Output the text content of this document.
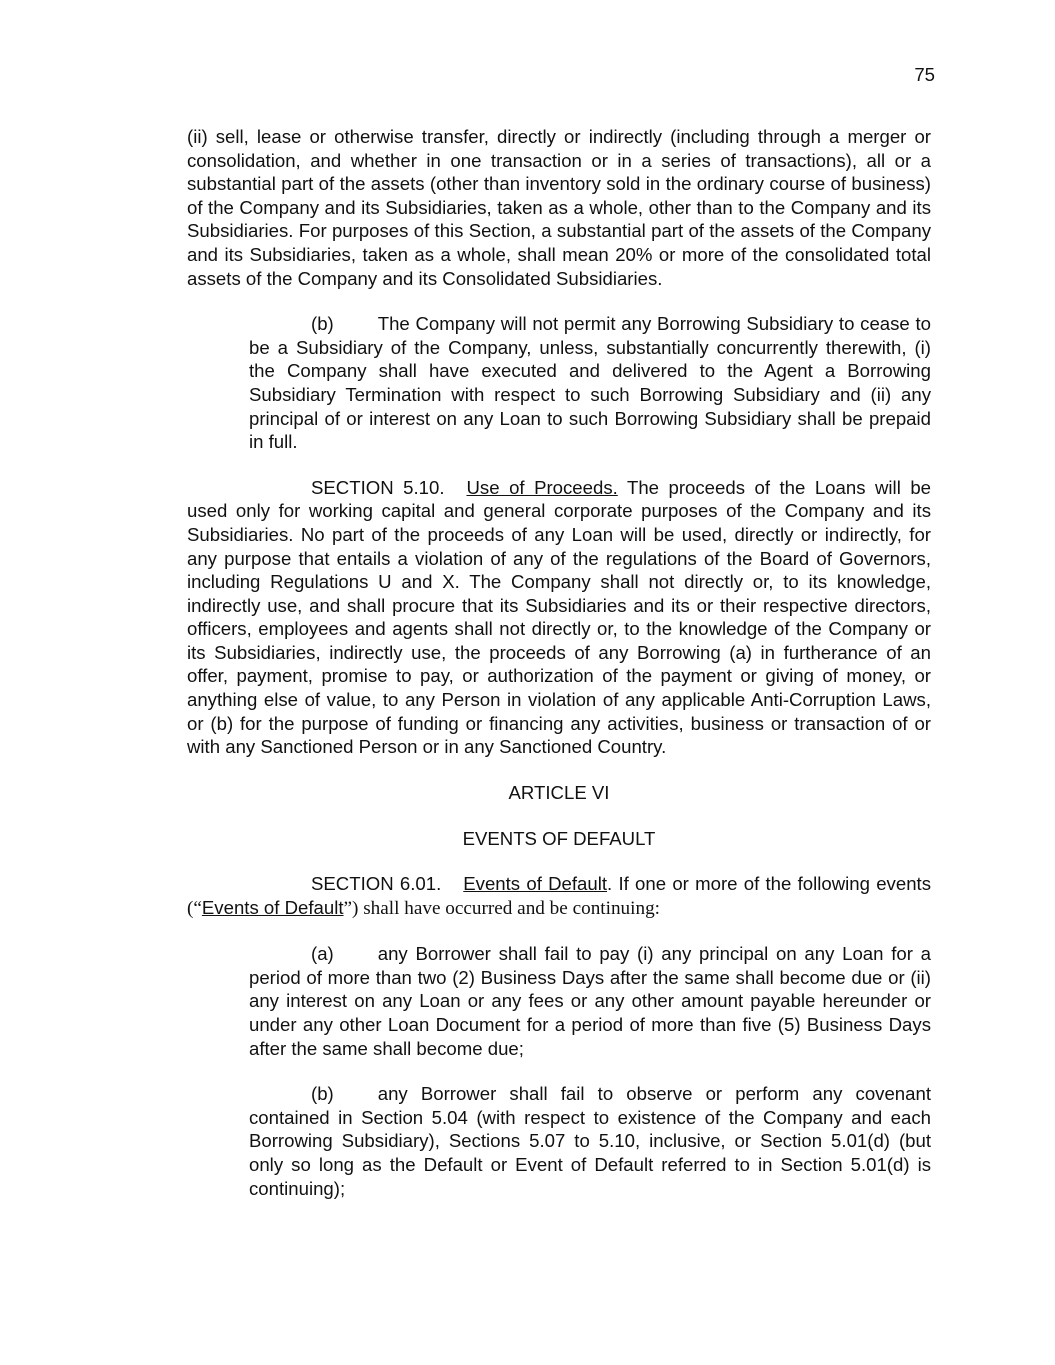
75

(ii) sell, lease or otherwise transfer, directly or indirectly (including through a merger or consolidation, and whether in one transaction or in a series of transactions), all or a substantial part of the assets (other than inventory sold in the ordinary course of business) of the Company and its Subsidiaries, taken as a whole, other than to the Company and its Subsidiaries. For purposes of this Section, a substantial part of the assets of the Company and its Subsidiaries, taken as a whole, shall mean 20% or more of the consolidated total assets of the Company and its Consolidated Subsidiaries.

(b) The Company will not permit any Borrowing Subsidiary to cease to be a Subsidiary of the Company, unless, substantially concurrently therewith, (i) the Company shall have executed and delivered to the Agent a Borrowing Subsidiary Termination with respect to such Borrowing Subsidiary and (ii) any principal of or interest on any Loan to such Borrowing Subsidiary shall be prepaid in full.

SECTION 5.10. Use of Proceeds. The proceeds of the Loans will be used only for working capital and general corporate purposes of the Company and its Subsidiaries. No part of the proceeds of any Loan will be used, directly or indirectly, for any purpose that entails a violation of any of the regulations of the Board of Governors, including Regulations U and X. The Company shall not directly or, to its knowledge, indirectly use, and shall procure that its Subsidiaries and its or their respective directors, officers, employees and agents shall not directly or, to the knowledge of the Company or its Subsidiaries, indirectly use, the proceeds of any Borrowing (a) in furtherance of an offer, payment, promise to pay, or authorization of the payment or giving of money, or anything else of value, to any Person in violation of any applicable Anti-Corruption Laws, or (b) for the purpose of funding or financing any activities, business or transaction of or with any Sanctioned Person or in any Sanctioned Country.

ARTICLE VI

EVENTS OF DEFAULT

SECTION 6.01. Events of Default. If one or more of the following events (“Events of Default”) shall have occurred and be continuing:

(a) any Borrower shall fail to pay (i) any principal on any Loan for a period of more than two (2) Business Days after the same shall become due or (ii) any interest on any Loan or any fees or any other amount payable hereunder or under any other Loan Document for a period of more than five (5) Business Days after the same shall become due;

(b) any Borrower shall fail to observe or perform any covenant contained in Section 5.04 (with respect to existence of the Company and each Borrowing Subsidiary), Sections 5.07 to 5.10, inclusive, or Section 5.01(d) (but only so long as the Default or Event of Default referred to in Section 5.01(d) is continuing);
